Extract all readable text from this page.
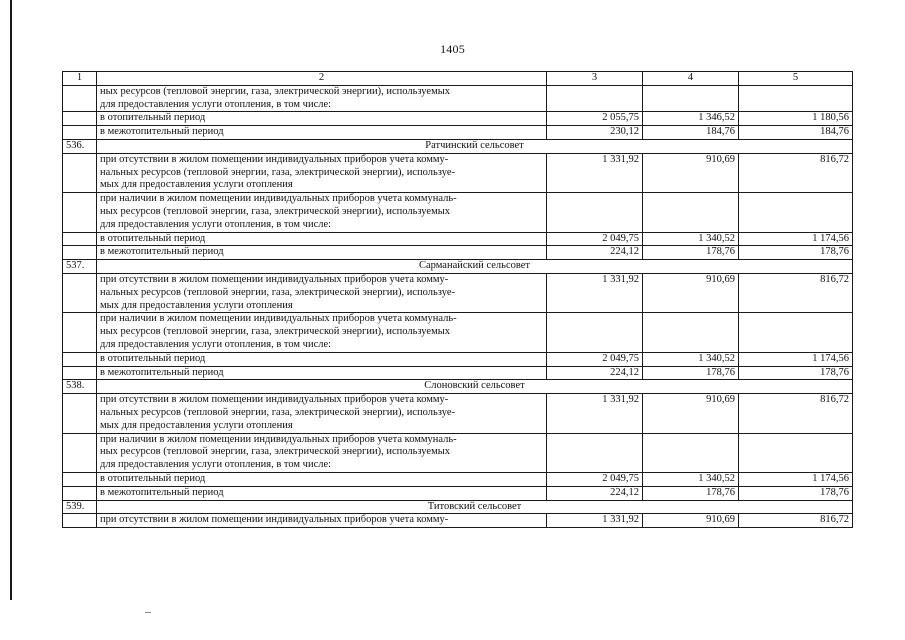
1405
1	2	3	4	5

	ных ресурсов (тепловой энергии, газа, электрической энергии), используемых
для предоставления услуги отопления, в том числе:			

	в отопительный период	2 055,75	1 346,52	1 180,56

	в межотопительный период	230,12	184,76	184,76
536.	Ратчинский сельсовет			

	при отсутствии в жилом помещении индивидуальных приборов учета комму-
нальных ресурсов (тепловой энергии, газа, электрической энергии), используе-
мых для предоставления услуги отопления	1 331,92	910,69	816,72

	при наличии в жилом помещении индивидуальных приборов учета коммуналь-
ных ресурсов (тепловой энергии, газа, электрической энергии), используемых
для предоставления услуги отопления, в том числе:			

	в отопительный период	2 049,75	1 340,52	1 174,56

	в межотопительный период	224,12	178,76	178,76
537.	Сарманайский сельсовет			

	при отсутствии в жилом помещении индивидуальных приборов учета комму-
нальных ресурсов (тепловой энергии, газа, электрической энергии), используе-
мых для предоставления услуги отопления	1 331,92	910,69	816,72

	при наличии в жилом помещении индивидуальных приборов учета коммуналь-
ных ресурсов (тепловой энергии, газа, электрической энергии), используемых
для предоставления услуги отопления, в том числе:			

	в отопительный период	2 049,75	1 340,52	1 174,56

	в межотопительный период	224,12	178,76	178,76
538.	Слоновский сельсовет			

	при отсутствии в жилом помещении индивидуальных приборов учета комму-
нальных ресурсов (тепловой энергии, газа, электрической энергии), используе-
мых для предоставления услуги отопления	1 331,92	910,69	816,72

	при наличии в жилом помещении индивидуальных приборов учета коммуналь-
ных ресурсов (тепловой энергии, газа, электрической энергии), используемых
для предоставления услуги отопления, в том числе:			

	в отопительный период	2 049,75	1 340,52	1 174,56

	в межотопительный период	224,12	178,76	178,76
539.	Титовский сельсовет			

	при отсутствии в жилом помещении индивидуальных приборов учета комму-	1 331,92	910,69	816,72
